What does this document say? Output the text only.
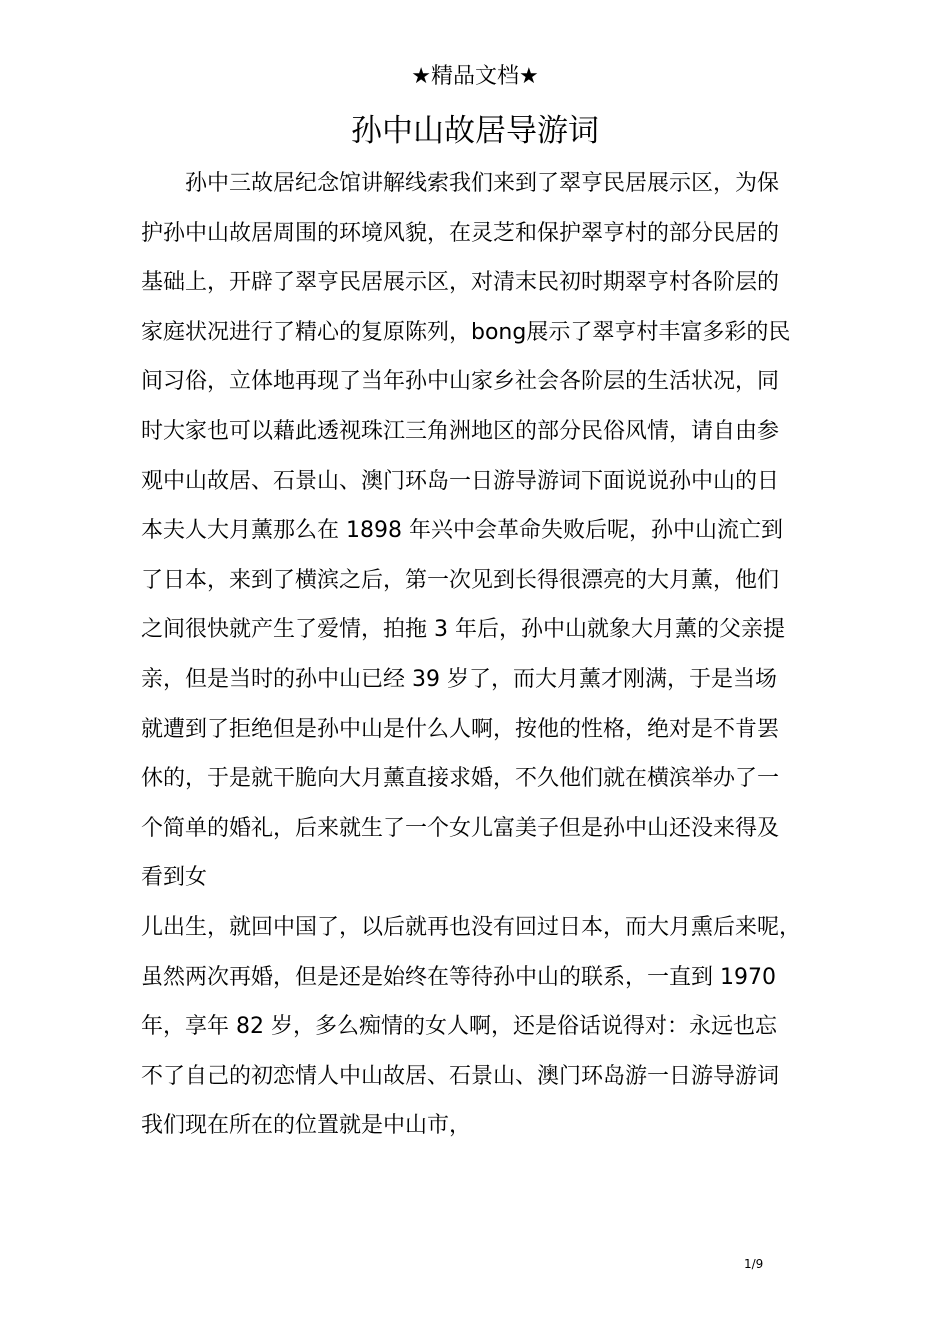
★精品文档★
孙中山故居导游词
孙中三故居纪念馆讲解线索我们来到了翠亨民居展示区，为保
护孙中山故居周围的环境风貌，在灵芝和保护翠亨村的部分民居的
基础上，开辟了翠亨民居展示区，对清末民初时期翠亨村各阶层的
家庭状况进行了精心的复原陈列，bong展示了翠亨村丰富多彩的民
间习俗，立体地再现了当年孙中山家乡社会各阶层的生活状况，同
时大家也可以藉此透视珠江三角洲地区的部分民俗风情，请自由参
观中山故居、石景山、澳门环岛一日游导游词下面说说孙中山的日
本夫人大月薰那么在 1898 年兴中会革命失败后呢，孙中山流亡到
了日本，来到了横滨之后，第一次见到长得很漂亮的大月薰，他们
之间很快就产生了爱情，拍拖 3 年后，孙中山就象大月薰的父亲提
亲，但是当时的孙中山已经 39 岁了，而大月薰才刚满，于是当场
就遭到了拒绝但是孙中山是什么人啊，按他的性格，绝对是不肯罢
休的，于是就干脆向大月薰直接求婚，不久他们就在横滨举办了一
个简单的婚礼，后来就生了一个女儿富美子但是孙中山还没来得及
看到女
儿出生，就回中国了，以后就再也没有回过日本，而大月熏后来呢，
虽然两次再婚，但是还是始终在等待孙中山的联系，一直到 1970
年，享年 82 岁，多么痴情的女人啊，还是俗话说得对：永远也忘
不了自己的初恋情人中山故居、石景山、澳门环岛游一日游导游词
我们现在所在的位置就是中山市，
1/9
